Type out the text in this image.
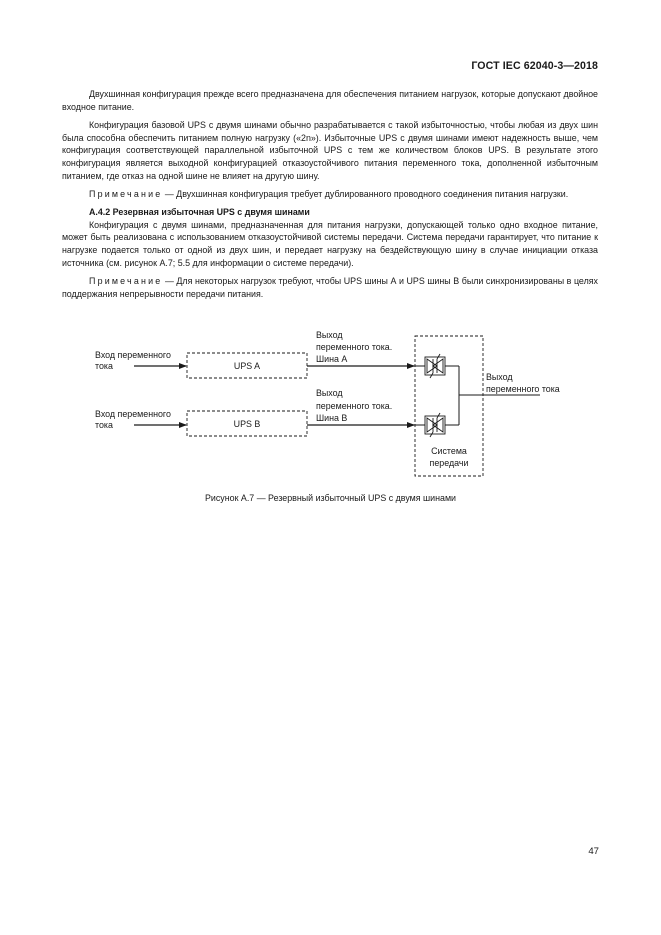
ГОСТ IEC 62040-3—2018

Двухшинная конфигурация прежде всего предназначена для обеспечения питанием нагрузок, которые допускают двойное входное питание.

Конфигурация базовой UPS с двумя шинами обычно разрабатывается с такой избыточностью, чтобы любая из двух шин была способна обеспечить питанием полную нагрузку («2n»). Избыточные UPS с двумя шинами имеют надежность выше, чем конфигурация соответствующей параллельной избыточной UPS с тем же количеством блоков UPS. В результате этого конфигурация является выходной конфигурацией отказоустойчивого питания переменного тока, дополненной избыточным питанием, где отказ на одной шине не влияет на другую шину.

Примечание — Двухшинная конфигурация требует дублированного проводного соединения питания нагрузки.

А.4.2 Резервная избыточная UPS с двумя шинами

Конфигурация с двумя шинами, предназначенная для питания нагрузки, допускающей только одно входное питание, может быть реализована с использованием отказоустойчивой системы передачи. Система передачи гарантирует, что питание к нагрузке подается только от одной из двух шин, и передает нагрузку на бездействующую шину в случае инициации отказа источника (см. рисунок А.7; 5.5 для информации о системе передачи).

Примечание — Для некоторых нагрузок требуют, чтобы UPS шины А и UPS шины В были синхронизированы в целях поддержания непрерывности передачи питания.

Вход переменного
тока	UPS A
Выход
переменного тока.
Шина А
Вход переменного
тока	UPS B
Выход
переменного тока.
Шина В
Выход
переменного тока
Система
передачи
Рисунок А.7 — Резервный избыточный UPS с двумя шинами
47
